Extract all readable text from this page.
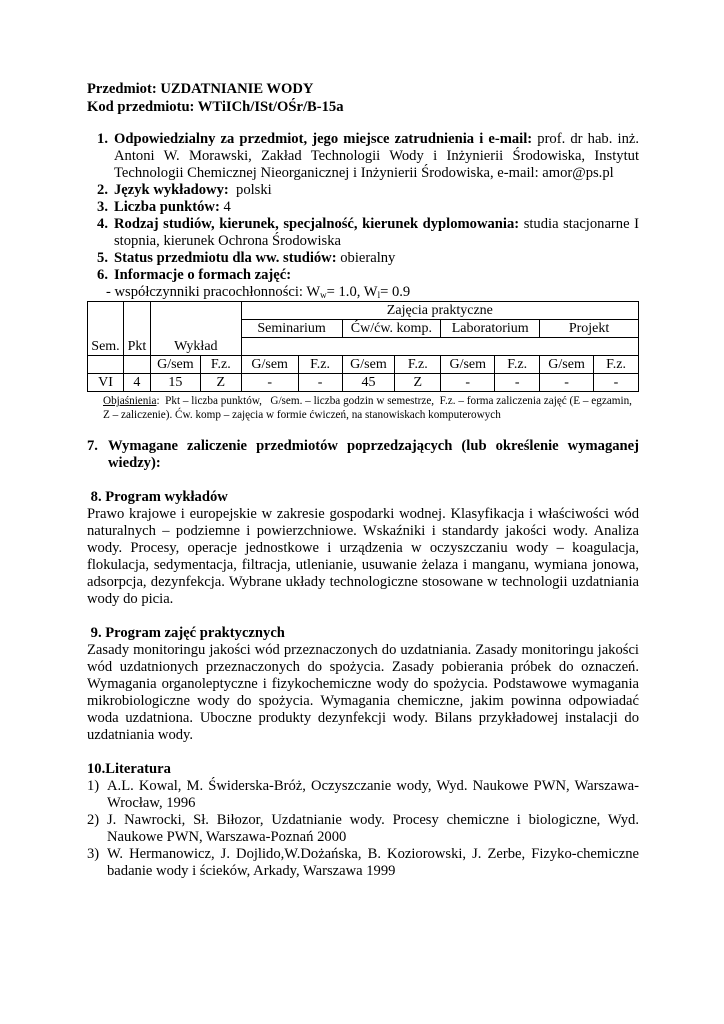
Przedmiot: UZDATNIANIE WODY
Kod przedmiotu: WTiICh/ISt/OŚr/B-15a
1. Odpowiedzialny za przedmiot, jego miejsce zatrudnienia i e-mail: prof. dr hab. inż. Antoni W. Morawski, Zakład Technologii Wody i Inżynierii Środowiska, Instytut Technologii Chemicznej Nieorganicznej i Inżynierii Środowiska, e-mail: amor@ps.pl
2. Język wykładowy:  polski
3. Liczba punktów: 4
4. Rodzaj studiów, kierunek, specjalność, kierunek dyplomowania: studia stacjonarne I stopnia, kierunek Ochrona Środowiska
5. Status przedmiotu dla ww. studiów: obieralny
6. Informacje o formach zajęć:
- współczynniki pracochłonności: $W_w= 1.0$, $W_l= 0.9$
				Zajęcia praktyczne							
				Seminarium		Ćw/ćw. komp.		Laboratorium		Projekt	
Sem.	Pkt	Wykład									
		G/sem	F.z.	G/sem	F.z.	G/sem	F.z.	G/sem	F.z.	G/sem	F.z.
VI	4	15	Z	-	-	45	Z	-	-	-	-
Objaśnienia:  Pkt – liczba punktów,   G/sem. – liczba godzin w semestrze,  F.z. – forma zaliczenia zajęć (E – egzamin, Z – zaliczenie). Ćw. komp – zajęcia w formie ćwiczeń, na stanowiskach komputerowych
7. Wymagane zaliczenie przedmiotów poprzedzających (lub określenie wymaganej wiedzy):
8. Program wykładów
Prawo krajowe i europejskie w zakresie gospodarki wodnej. Klasyfikacja i właściwości wód naturalnych – podziemne i powierzchniowe. Wskaźniki i standardy jakości wody. Analiza wody. Procesy, operacje jednostkowe i urządzenia w oczyszczaniu wody – koagulacja, flokulacja, sedymentacja, filtracja, utlenianie, usuwanie żelaza i manganu, wymiana jonowa, adsorpcja, dezynfekcja. Wybrane układy technologiczne stosowane w technologii uzdatniania wody do picia.
9. Program zajęć praktycznych
Zasady monitoringu jakości wód przeznaczonych do uzdatniania. Zasady monitoringu jakości wód uzdatnionych przeznaczonych do spożycia. Zasady pobierania próbek do oznaczeń. Wymagania organoleptyczne i fizykochemiczne wody do spożycia. Podstawowe wymagania mikrobiologiczne wody do spożycia. Wymagania chemiczne, jakim powinna odpowiadać woda uzdatniona. Uboczne produkty dezynfekcji wody. Bilans przykładowej instalacji do uzdatniania wody.
10.Literatura
1) A.L. Kowal, M. Świderska-Bróż, Oczyszczanie wody, Wyd. Naukowe PWN, Warszawa-Wrocław, 1996
2) J. Nawrocki, Sł. Biłozor, Uzdatnianie wody. Procesy chemiczne i biologiczne, Wyd. Naukowe PWN, Warszawa-Poznań 2000
3) W. Hermanowicz, J. Dojlido,W.Dożańska, B. Koziorowski, J. Zerbe, Fizyko-chemiczne badanie wody i ścieków, Arkady, Warszawa 1999
